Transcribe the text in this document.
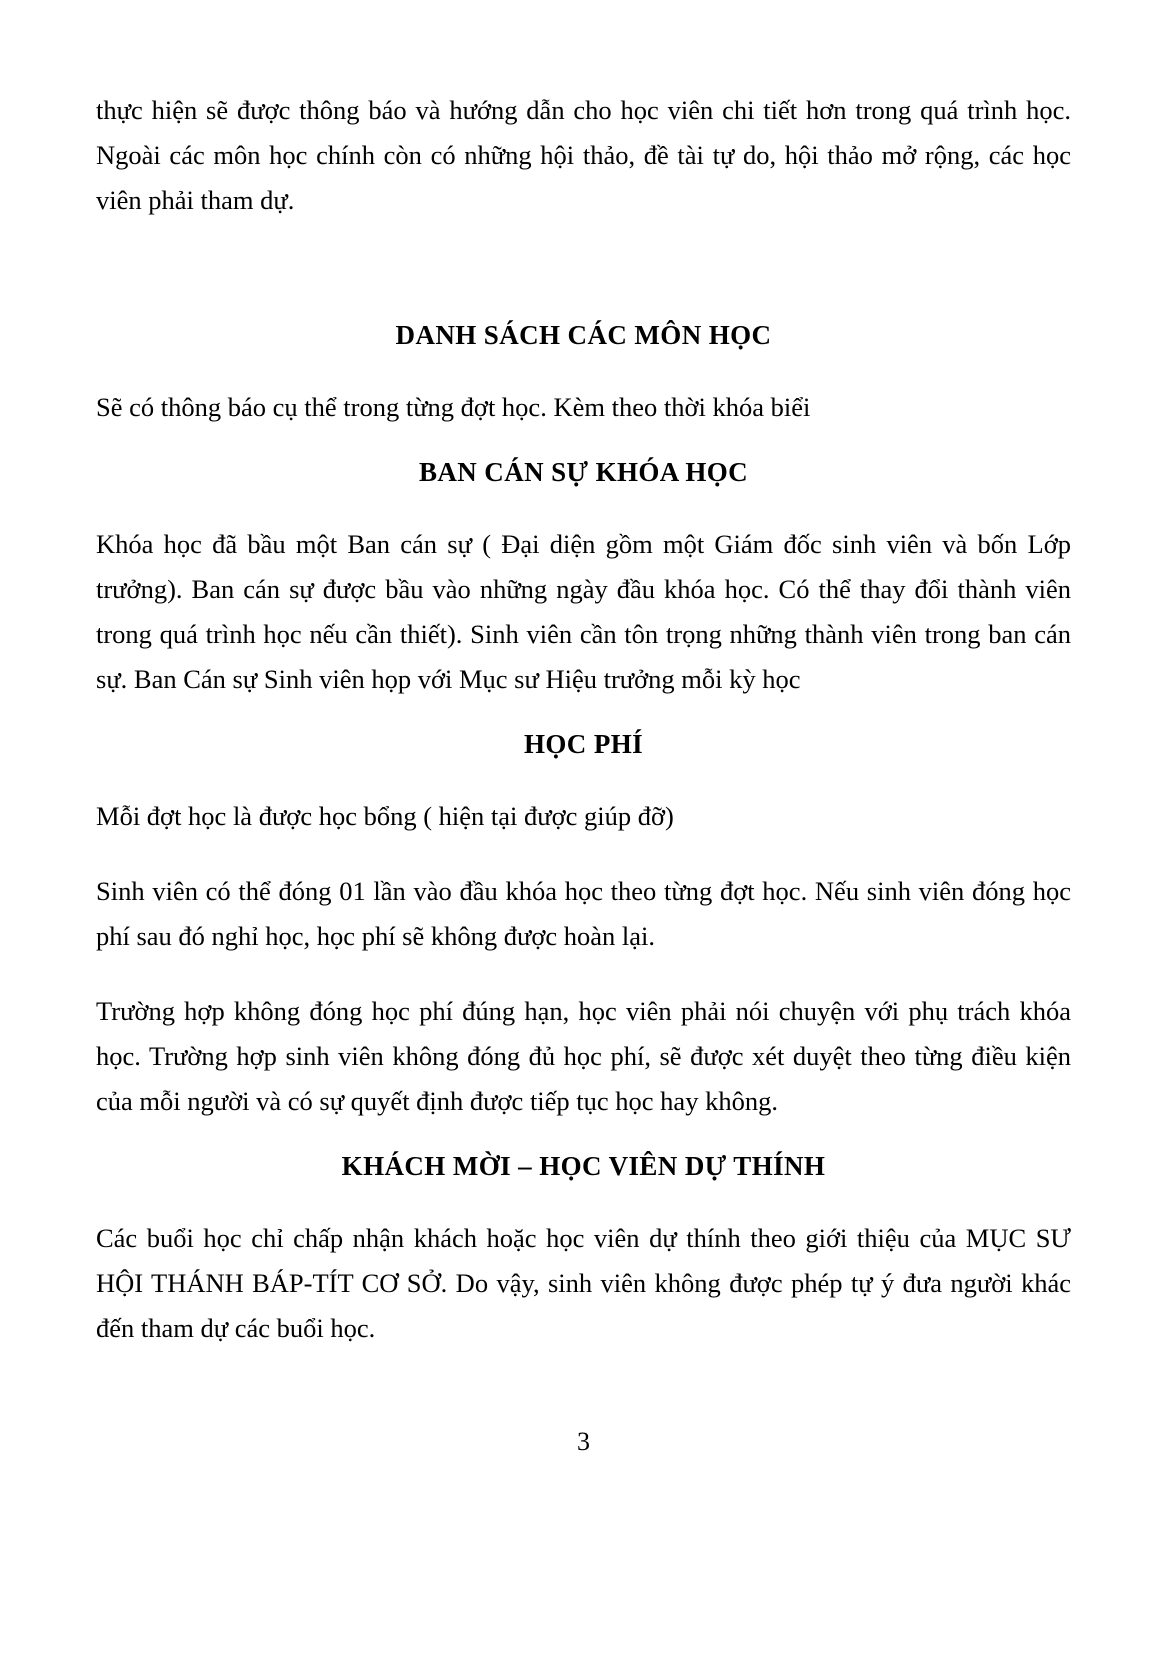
thực hiện sẽ được thông báo và hướng dẫn cho học viên chi tiết hơn trong quá trình học. Ngoài các môn học chính còn có những hội thảo, đề tài tự do, hội thảo mở rộng, các học viên phải tham dự.

DANH SÁCH CÁC MÔN HỌC

Sẽ có thông báo cụ thể trong từng đợt học. Kèm theo thời khóa biểi

BAN CÁN SỰ KHÓA HỌC

Khóa học đã bầu một Ban cán sự ( Đại diện gồm một Giám đốc sinh viên và bốn Lớp trưởng). Ban cán sự được bầu vào những ngày đầu khóa học. Có thể thay đổi thành viên trong quá trình học nếu cần thiết). Sinh viên cần tôn trọng những thành viên trong ban cán sự. Ban Cán sự Sinh viên họp với Mục sư Hiệu trưởng mỗi kỳ học

HỌC PHÍ

Mỗi đợt học là được học bổng ( hiện tại được giúp đỡ)

Sinh viên có thể đóng 01 lần vào đầu khóa học theo từng đợt học. Nếu sinh viên đóng học phí sau đó nghỉ học, học phí sẽ không được hoàn lại.

Trường hợp không đóng học phí đúng hạn, học viên phải nói chuyện với phụ trách khóa học. Trường hợp sinh viên không đóng đủ học phí, sẽ được xét duyệt theo từng điều kiện của mỗi người và có sự quyết định được tiếp tục học hay không.

KHÁCH MỜI – HỌC VIÊN DỰ THÍNH

Các buổi học chỉ chấp nhận khách hoặc học viên dự thính theo giới thiệu của MỤC SƯ HỘI THÁNH BÁP-TÍT CƠ SỞ. Do vậy, sinh viên không được phép tự ý đưa người khác đến tham dự các buổi học.

3
